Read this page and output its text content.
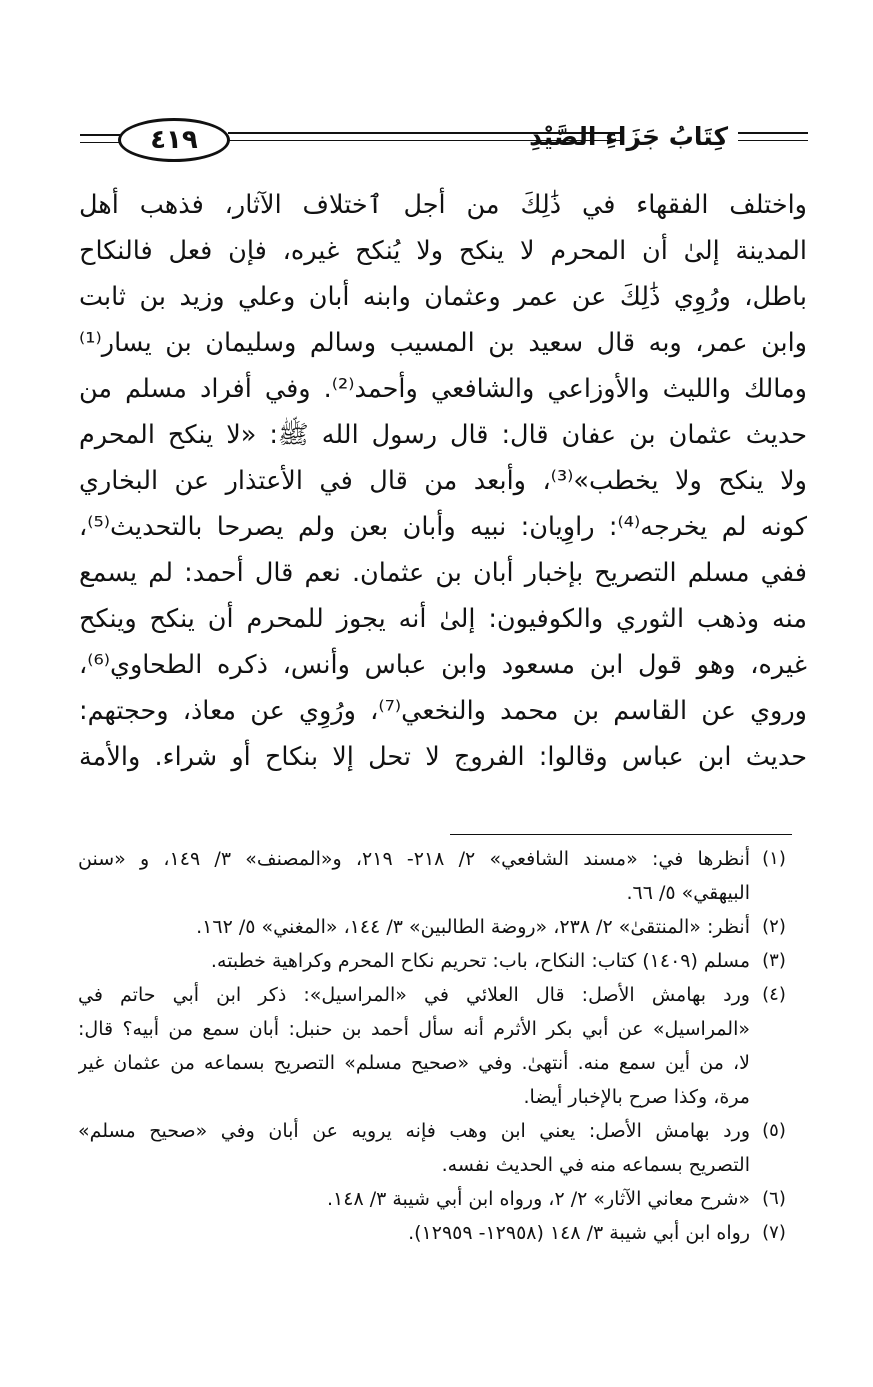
٤١٩	كِتَابُ جَزَاءِ الصَّيْدِ
واختلف الفقهاء في ذَٰلِكَ من أجل ٱختلاف الآثار، فذهب أهل
المدينة إلىٰ أن المحرم لا ينكح ولا يُنكح غيره، فإن فعل فالنكاح
باطل، ورُوِي ذَٰلِكَ عن عمر وعثمان وابنه أبان وعلي وزيد بن ثابت
وابن عمر، وبه قال سعيد بن المسيب وسالم وسليمان بن يسار⁽¹⁾
ومالك والليث والأوزاعي والشافعي وأحمد⁽²⁾. وفي أفراد مسلم من
حديث عثمان بن عفان قال: قال رسول الله ﷺ: «لا ينكح المحرم
ولا ينكح ولا يخطب»⁽³⁾، وأبعد من قال في الأعتذار عن البخاري
كونه لم يخرجه⁽⁴⁾: راوِيان: نبيه وأبان بعن ولم يصرحا بالتحديث⁽⁵⁾،
ففي مسلم التصريح بإخبار أبان بن عثمان. نعم قال أحمد: لم يسمع
منه وذهب الثوري والكوفيون: إلىٰ أنه يجوز للمحرم أن ينكح وينكح
غيره، وهو قول ابن مسعود وابن عباس وأنس، ذكره الطحاوي⁽⁶⁾،
وروي عن القاسم بن محمد والنخعي⁽⁷⁾، ورُوِي عن معاذ، وحجتهم:
حديث ابن عباس وقالوا: الفروج لا تحل إلا بنكاح أو شراء. والأمة
(١)
أنظرها في: «مسند الشافعي» ٢/ ٢١٨- ٢١٩، و«المصنف» ٣/ ١٤٩، و «سنن
البيهقي» ٥/ ٦٦.
(٢)
أنظر: «المنتقىٰ» ٢/ ٢٣٨، «روضة الطالبين» ٣/ ١٤٤، «المغني» ٥/ ١٦٢.
(٣)
مسلم (١٤٠٩) كتاب: النكاح، باب: تحريم نكاح المحرم وكراهية خطبته.
(٤)
ورد بهامش الأصل: قال العلائي في «المراسيل»: ذكر ابن أبي حاتم في
«المراسيل» عن أبي بكر الأثرم أنه سأل أحمد بن حنبل: أبان سمع من أبيه؟ قال:
لا، من أين سمع منه. أنتهىٰ. وفي «صحيح مسلم» التصريح بسماعه من عثمان غير
مرة، وكذا صرح بالإخبار أيضا.
(٥)
ورد بهامش الأصل: يعني ابن وهب فإنه يرويه عن أبان وفي «صحيح مسلم»
التصريح بسماعه منه في الحديث نفسه.
(٦)
«شرح معاني الآثار» ٢/ ٢، ورواه ابن أبي شيبة ٣/ ١٤٨.
(٧)
رواه ابن أبي شيبة ٣/ ١٤٨ (١٢٩٥٨- ١٢٩٥٩).
